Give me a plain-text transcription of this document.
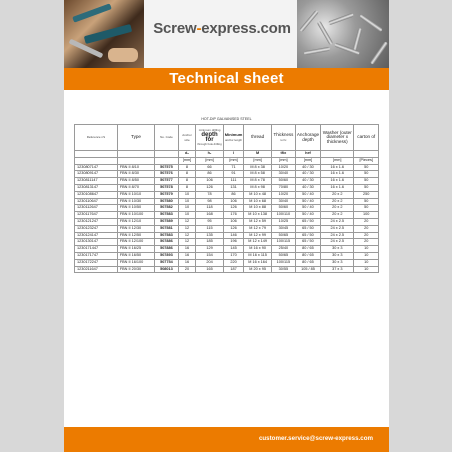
Screw-express.com
Technical sheet
HOT-DIP GALVANISED STEEL
Reference nS	Type	No. Code	Anchor size	minimum drilling
depth for
through hole drilling	Minimum
anchor length	thread	Thickness
to fix	Anchorage depth	Washer (outer diameter x thickness)	carton of
			d₀	h₁	l	M	tfix	hef		
			[mm]	[mm]	[mm]	[mm]	[mm]	[mm]	[mm]	[Pieces]
1230807147	FBN II 8/10	507575	8	66	71	M 8 x 38	10/20	40 / 30	16 x 1.6	50
1230809147	FBN II 8/30	507576	8	86	91	M 8 x 58	30/40	40 / 30	16 x 1.6	50
1230811147	FBN II 8/50	507577	8	106	111	M 8 x 78	50/60	40 / 30	16 x 1.6	50
1230813147	FBN II 8/70	507578	8	126	131	M 8 x 98	70/80	40 / 30	16 x 1.6	50
1230108647	FBN II 10/10	507579	10	78	86	M 10 x 48	10/20	50 / 40	20 x 2	250
1230110647	FBN II 10/30	507580	10	98	106	M 10 x 68	30/40	50 / 40	20 x 2	50
1230112647	FBN II 10/50	507582	10	118	126	M 10 x 88	50/60	50 / 40	20 x 2	50
1230117647	FBN II 10/100	507583	10	168	176	M 10 x 138	100/110	50 / 40	20 x 2	100
1230121247	FBN II 12/10	507589	12	95	106	M 12 x 59	10/25	65 / 50	24 x 2.5	20
1230123247	FBN II 12/30	507581	12	115	126	M 12 x 79	30/45	65 / 50	24 x 2.5	20
1230124147	FBN II 12/50	507583	12	135	146	M 12 x 99	50/65	65 / 50	24 x 2.5	20
1230130147	FBN II 12/100	507886	12	185	196	M 12 x 149	100/115	65 / 50	24 x 2.5	20
1230171447	FBN II 16/25	507886	16	129	145	M 16 x 90	25/40	80 / 65	30 x 3	10
1230171747	FBN II 16/50	507893	16	154	170	M 16 x 115	50/65	80 / 65	30 x 3	10
1230172247	FBN II 16/100	507754	16	204	220	M 16 x 164	100/115	80 / 65	30 x 3	10
1230211647	FBN II 20/30	508013	20	165	187	M 20 x 95	30/55	105 / 85	37 x 3	10
customer.service@screw-express.com
